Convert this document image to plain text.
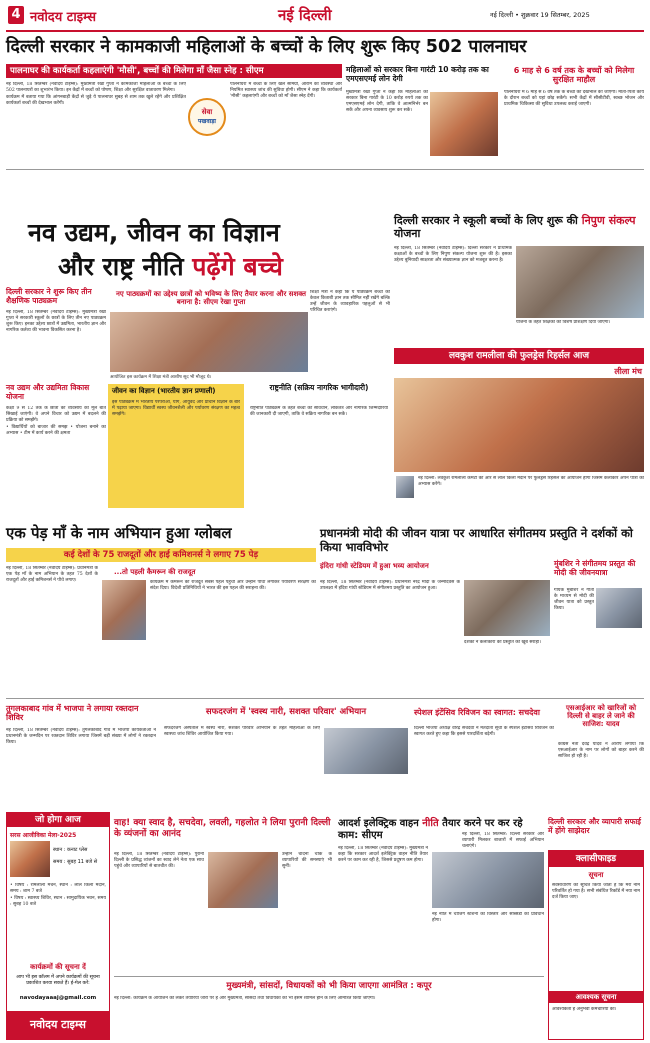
4 नवोदय टाइम्स	नई दिल्ली	नई दिल्ली • शुक्रवार 19 सितम्बर, 2025
दिल्ली सरकार ने कामकाजी महिलाओं के बच्चों के लिए शुरू किए 502 पालनाघर
पालनाघर की कार्यकर्ता कहलाएंगी 'मौसी', बच्चों की मिलेगा माँ जैसा स्नेह : सीएम

नई दिल्ली, 18 सितम्बर (नवोदय टाइम्स): मुख्यमंत्री रेखा गुप्ता ने कामकाजी महिलाओं के बच्चों के लिए 502 पालनाघरों का शुभारंभ किया। इन केंद्रों में बच्चों को पोषण, शिक्षा और सुरक्षित वातावरण मिलेगा।

कार्यक्रम में बताया गया कि आंगनबाड़ी केंद्रों से जुड़े ये पालनाघर सुबह से शाम तक खुले रहेंगे और प्रशिक्षित कार्यकर्ता बच्चों की देखभाल करेंगी।

सेवा
पखवाड़ा

पालनाघरों में बच्चों के लिए खेल सामग्री, आराम की व्यवस्था और नियमित स्वास्थ्य जांच की सुविधा होगी। सीएम ने कहा कि कार्यकर्ता 'मौसी' कहलाएंगी और बच्चों को माँ जैसा स्नेह देंगी।

महिलाओं को सरकार बिना गारंटी 10 करोड़ तक का एमएसएमई लोन देगी

मुख्यमंत्री रेखा गुप्ता ने कहा कि महिलाओं को सरकार बिना गारंटी के 10 करोड़ रुपये तक का एमएसएमई लोन देगी, ताकि वे आत्मनिर्भर बन सकें और अपना व्यवसाय शुरू कर सकें।

6 माह से 6 वर्ष तक के बच्चों को मिलेगा सुरक्षित माहौल

पालनाघरों में 6 माह से 6 वर्ष तक के बच्चों की देखभाल की जाएगी। माता-पिता कार्य के दौरान बच्चों को यहां छोड़ सकेंगे। सभी केंद्रों में सीसीटीवी, स्वच्छ भोजन और प्राथमिक चिकित्सा की सुविधा उपलब्ध कराई जाएगी।

नव उद्यम, जीवन का विज्ञान
और राष्ट्र नीति पढ़ेंगे बच्चे
दिल्ली सरकार ने शुरू किए तीन शैक्षणिक पाठ्यक्रम

नई दिल्ली, 18 सितम्बर (नवोदय टाइम्स): मुख्यमंत्री रेखा गुप्ता ने सरकारी स्कूलों के छात्रों के लिए तीन नए पाठ्यक्रम शुरू किए। इनका उद्देश्य छात्रों में उद्यमिता, भारतीय ज्ञान और नागरिक कर्तव्य की भावना विकसित करना है।

नए पाठ्यक्रमों का उद्देश्य छात्रों को भविष्य के लिए तैयार करना और सशक्त बनाना है: सीएम रेखा गुप्ता
आयोजित इस कार्यक्रम में शिक्षा मंत्री आशीष सूद भी मौजूद थे।

शिक्षा मंत्री ने कहा कि ये पाठ्यक्रम बच्चों को केवल किताबी ज्ञान तक सीमित नहीं रखेंगे बल्कि उन्हें जीवन के व्यावहारिक पहलुओं से भी परिचित कराएंगे।

नव उद्यम और उद्यमिता विकास योजना

कक्षा 9 से 12 तक के छात्रों को व्यवसाय की मूल बातें सिखाई जाएंगी। वे अपने विचार को उद्यम में बदलने की प्रक्रिया को समझेंगे।

• विद्यार्थियों को बाजार की समझ • योजना बनाने का अभ्यास • टीम में कार्य करने की क्षमता

जीवन का विज्ञान (भारतीय ज्ञान प्रणाली)

इस पाठ्यक्रम में भारतीय परंपराओं, योग, आयुर्वेद और प्राचीन विज्ञान के बारे में पढ़ाया जाएगा। विद्यार्थी स्वस्थ जीवनशैली और पर्यावरण संरक्षण का महत्व समझेंगे।

राष्ट्रनीति (सक्रिय नागरिक भागीदारी)

राष्ट्रनीति पाठ्यक्रम के तहत बच्चों को संविधान, लोकतंत्र और नागरिक जिम्मेदारियों की जानकारी दी जाएगी, ताकि वे सक्रिय नागरिक बन सकें।

दिल्ली सरकार ने स्कूली बच्चों के लिए शुरू की निपुण संकल्प योजना

नई दिल्ली, 18 सितम्बर (नवोदय टाइम्स): दिल्ली सरकार ने प्राथमिक कक्षाओं के बच्चों के लिए निपुण संकल्प योजना शुरू की है। इसका उद्देश्य बुनियादी साक्षरता और संख्यात्मक ज्ञान को मजबूत करना है।

योजना के तहत शिक्षकों को विशेष प्रशिक्षण दिया जाएगा।

लवकुश रामलीला की फुलड्रेस रिहर्सल आज
लीला मंच

नई दिल्ली: लवकुश रामलीला कमेटी की ओर से लाल किला मैदान पर फुलड्रेस रिहर्सल का आयोजन होगा जिसमें कलाकार अपने पात्रों का अभ्यास करेंगे।

एक पेड़ माँ के नाम अभियान हुआ ग्लोबल
कई देशों के 75 राजदूतों और हाई कमिशनर्स ने लगाए 75 पेड़

नई दिल्ली, 18 सितम्बर (नवोदय टाइम्स): प्रधानमंत्री के एक पेड़ माँ के नाम अभियान के तहत 75 देशों के राजदूतों और हाई कमिशनर्स ने पौधे लगाए।

...तो पहली कैमरून की राजदूत

कार्यक्रम में कैमरून की राजदूत सबसे पहले पहुंचीं और उन्होंने पौधा लगाकर पर्यावरण संरक्षण का संदेश दिया। विदेशी प्रतिनिधियों ने भारत की इस पहल की सराहना की।

प्रधानमंत्री मोदी की जीवन यात्रा पर आधारित संगीतमय प्रस्तुति ने दर्शकों को किया भावविभोर
इंदिरा गांधी स्टेडियम में हुआ भव्य आयोजन

नई दिल्ली, 18 सितम्बर (नवोदय टाइम्स): प्रधानमंत्री नरेंद्र मोदी के जन्मदिवस के उपलक्ष्य में इंदिरा गांधी स्टेडियम में संगीतमय प्रस्तुति का आयोजन हुआ।

दर्शकों ने कलाकारों की प्रस्तुति को खूब सराहा।

मुंबशिर ने संगीतमय प्रस्तुत की मोदी की जीवनयात्रा

गायक मुंबशिर ने गीतों के माध्यम से मोदी की जीवन यात्रा को प्रस्तुत किया।

तुगलकाबाद गांव में भाजपा ने लगाया रक्तदान शिविर

नई दिल्ली, 18 सितम्बर (नवोदय टाइम्स): तुगलकाबाद गांव में भाजपा कार्यकर्ताओं ने प्रधानमंत्री के जन्मदिन पर रक्तदान शिविर लगाया जिसमें बड़ी संख्या में लोगों ने रक्तदान किया।

सफदरजंग में 'स्वस्थ नारी, सशक्त परिवार' अभियान

सफदरजंग अस्पताल में स्वस्थ नारी, सशक्त परिवार अभियान के तहत महिलाओं के लिए स्वास्थ्य जांच शिविर आयोजित किया गया।

स्पेशल इंटेंसिव रिविजन का स्वागत: सचदेवा

दिल्ली भाजपा अध्यक्ष वीरेंद्र सचदेवा ने मतदाता सूची के स्पेशल इंटेंसिव रिविजन का स्वागत करते हुए कहा कि इससे पारदर्शिता बढ़ेगी।

एसआईआर को खारिजों को दिल्ली से बाहर ले जाने की साजिश: यादव

कांग्रेस नेता देवेंद्र यादव ने आरोप लगाया कि एसआईआर के नाम पर लोगों को बाहर करने की साजिश हो रही है।

जो होगा आज
सरस आजीविका मेला-2025
स्थान : कनाट प्लेस
समय : सुबह 11 बजे से

• विषय : रामलीला मंचन, स्थान : लाल किला मैदान, समय : शाम 7 बजे

• विषय : स्वास्थ्य शिविर, स्थान : सामुदायिक भवन, समय : सुबह 10 बजे

कार्यक्रमों की सूचना दें
आप भी इस कॉलम में अपने कार्यक्रमों की सूचना प्रकाशित करवा सकते हैं। ई-मेल करें:
navodayaaaj@gmail.com
नवोदय टाइम्स
वाह! क्या स्वाद है, सचदेवा, लवली, गहलोत ने लिया पुरानी दिल्ली के व्यंजनों का आनंद

नई दिल्ली, 18 सितम्बर (नवोदय टाइम्स): पुरानी दिल्ली के प्रसिद्ध व्यंजनों का स्वाद लेने नेता एक साथ पहुंचे और व्यापारियों से बातचीत की।

उन्होंने चांदनी चौक के व्यापारियों की समस्याएं भी सुनीं।

आदर्श इलेक्ट्रिक वाहन नीति तैयार करने पर कर रहे काम: सीएम

नई दिल्ली, 18 सितम्बर (नवोदय टाइम्स): मुख्यमंत्री ने कहा कि सरकार आदर्श इलेक्ट्रिक वाहन नीति तैयार करने पर काम कर रही है, जिससे प्रदूषण कम होगा।

नई नीति में चार्जिंग स्टेशनों का विस्तार और सब्सिडी का प्रावधान होगा।

मुख्यमंत्री, सांसदों, विधायकों को भी किया जाएगा आमंत्रित : कपूर

नई दिल्ली: कार्यक्रम के आयोजन को लेकर तैयारियां जोरों पर हैं और मुख्यमंत्री, सांसदों तथा विधायकों को भी इसमें शामिल होने के लिए आमंत्रित किया जाएगा।

दिल्ली सरकार और व्यापारी सफाई में होंगे साझेदार

नई दिल्ली, 18 सितम्बर: दिल्ली सरकार और व्यापारी मिलकर बाजारों में सफाई अभियान चलाएंगे।

क्लासीफाइड
सूचना

सर्वसाधारण को सूचित किया जाता है कि मेरा नाम परिवर्तित हो गया है। सभी संबंधित रिकॉर्ड में नया नाम दर्ज किया जाए।

आवश्यक सूचना

आवश्यकता है अनुभवी कर्मचारियों की।
